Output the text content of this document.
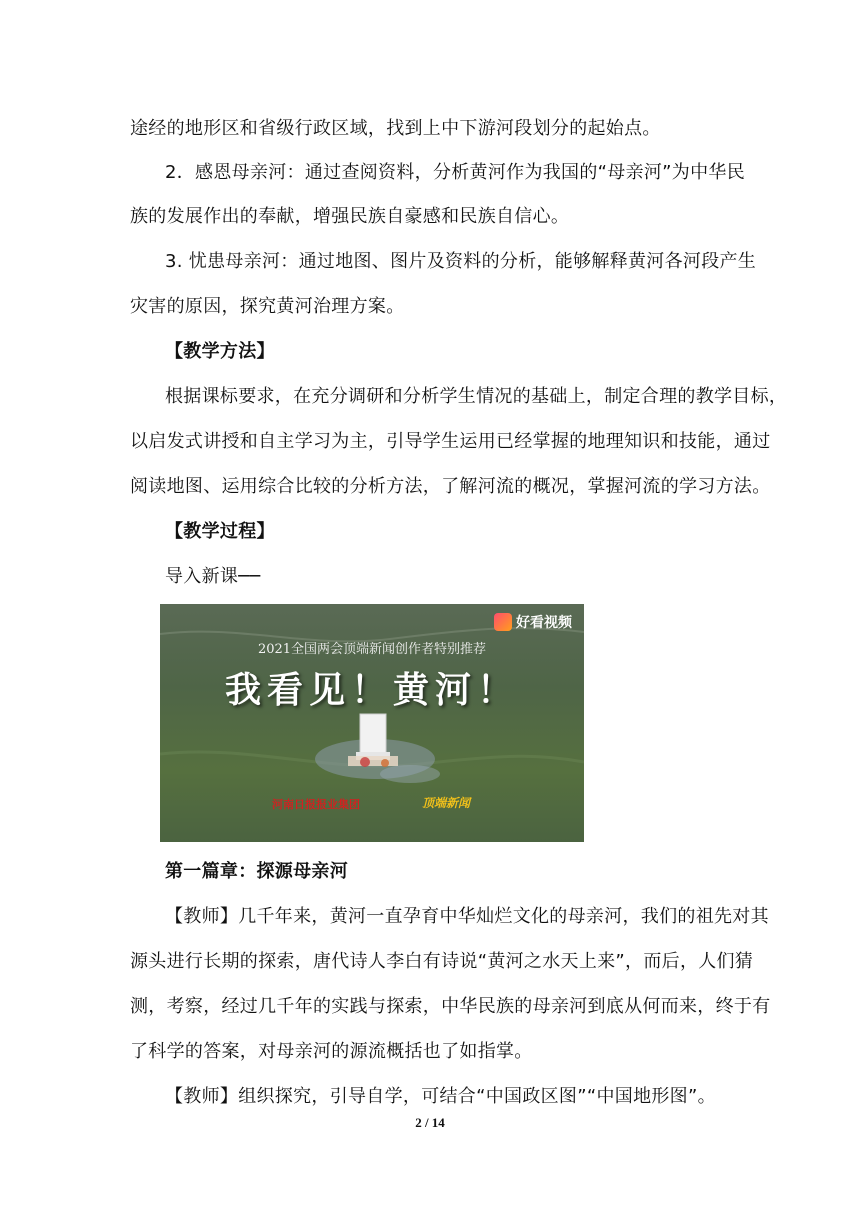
途经的地形区和省级行政区域，找到上中下游河段划分的起始点。
2．感恩母亲河：通过查阅资料，分析黄河作为我国的“母亲河”为中华民
族的发展作出的奉献，增强民族自豪感和民族自信心。
3. 忧患母亲河：通过地图、图片及资料的分析，能够解释黄河各河段产生
灾害的原因，探究黄河治理方案。
【教学方法】
根据课标要求，在充分调研和分析学生情况的基础上，制定合理的教学目标，
以启发式讲授和自主学习为主，引导学生运用已经掌握的地理知识和技能，通过
阅读地图、运用综合比较的分析方法，了解河流的概况，掌握河流的学习方法。
【教学过程】
导入新课──
好看视频
2021全国两会顶端新闻创作者特别推荐
我看见！黄河！
河南日报报业集团	顶端新闻
第一篇章：探源母亲河
【教师】几千年来，黄河一直孕育中华灿烂文化的母亲河，我们的祖先对其
源头进行长期的探索，唐代诗人李白有诗说“黄河之水天上来”，而后，人们猜
测，考察，经过几千年的实践与探索，中华民族的母亲河到底从何而来，终于有
了科学的答案，对母亲河的源流概括也了如指掌。
【教师】组织探究，引导自学，可结合“中国政区图”“中国地形图”。
2 / 14
